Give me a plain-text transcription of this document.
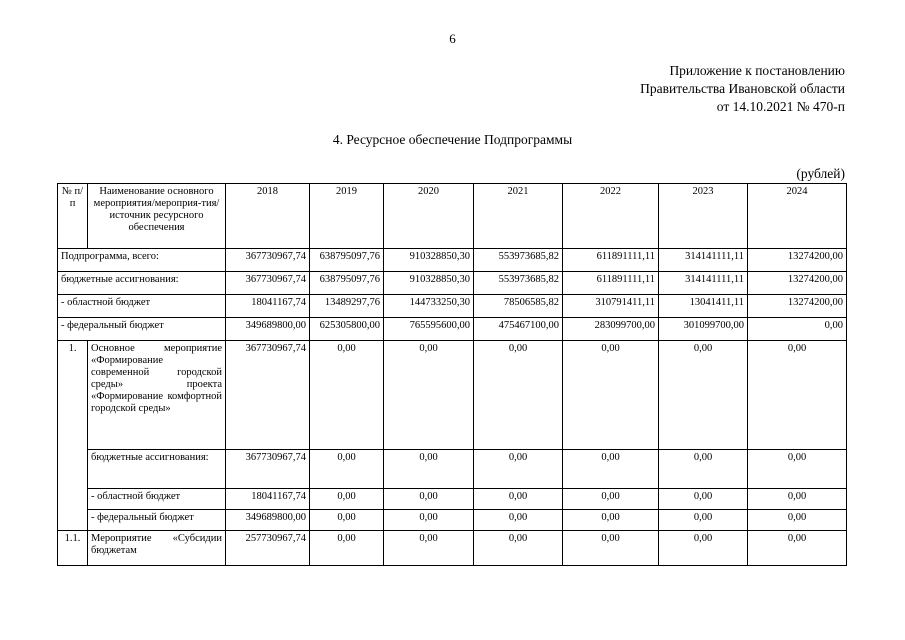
6
Приложение к постановлению
Правительства Ивановской области
от 14.10.2021 № 470-п
4. Ресурсное обеспечение Подпрограммы
(рублей)
№ п/п	Наименование основного мероприятия/мероприя-тия/источник ресурсного обеспечения	2018	2019	2020	2021	2022	2023	2024
Подпрограмма, всего:		367730967,74	638795097,76	910328850,30	553973685,82	611891111,11	314141111,11	13274200,00
бюджетные ассигнования:		367730967,74	638795097,76	910328850,30	553973685,82	611891111,11	314141111,11	13274200,00
- областной бюджет		18041167,74	13489297,76	144733250,30	78506585,82	310791411,11	13041411,11	13274200,00
- федеральный бюджет		349689800,00	625305800,00	765595600,00	475467100,00	283099700,00	301099700,00	0,00
1.	Основное мероприятие «Формирование современной городской среды» проекта «Формирование комфортной городской среды»	367730967,74	0,00	0,00	0,00	0,00	0,00	0,00
	бюджетные ассигнования:	367730967,74	0,00	0,00	0,00	0,00	0,00	0,00
	- областной бюджет	18041167,74	0,00	0,00	0,00	0,00	0,00	0,00
	- федеральный бюджет	349689800,00	0,00	0,00	0,00	0,00	0,00	0,00
1.1.	Мероприятие «Субсидии бюджетам	257730967,74	0,00	0,00	0,00	0,00	0,00	0,00
